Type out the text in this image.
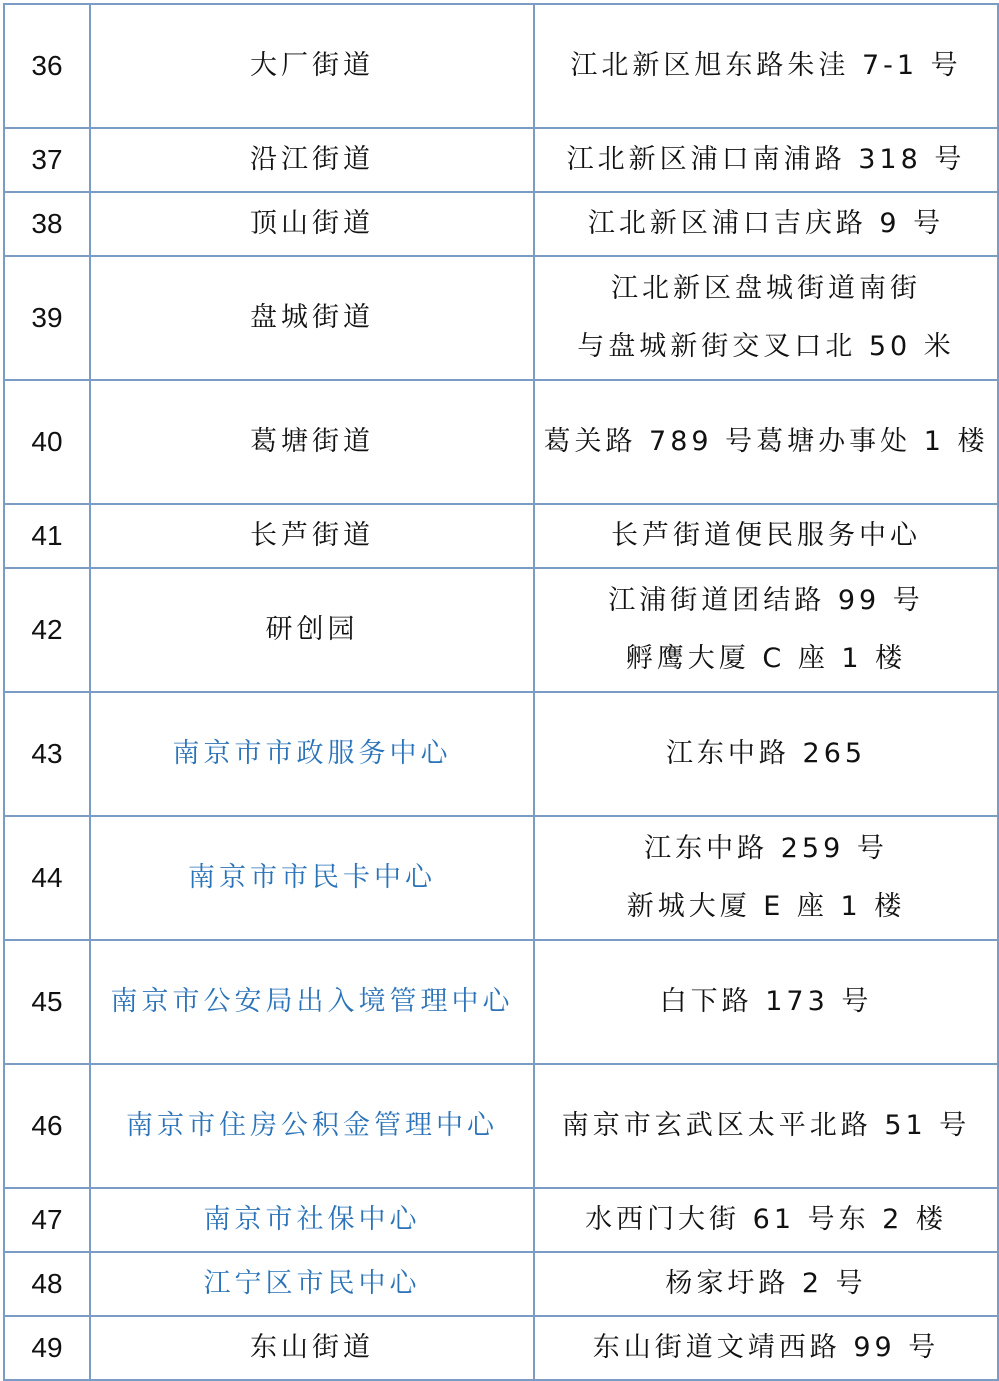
36	大厂街道	江北新区旭东路朱洼 7-1 号

37	沿江街道	江北新区浦口南浦路 318 号

38	顶山街道	江北新区浦口吉庆路 9 号

39	盘城街道	江北新区盘城街道南街
与盘城新街交叉口北 50 米

40	葛塘街道	葛关路 789 号葛塘办事处 1 楼

41	长芦街道	长芦街道便民服务中心

42	研创园	江浦街道团结路 99 号
孵鹰大厦 C 座 1 楼

43	南京市市政服务中心	江东中路 265

44	南京市市民卡中心	江东中路 259 号
新城大厦 E 座 1 楼

45	南京市公安局出入境管理中心	白下路 173 号

46	南京市住房公积金管理中心	南京市玄武区太平北路 51 号

47	南京市社保中心	水西门大街 61 号东 2 楼

48	江宁区市民中心	杨家圩路 2 号

49	东山街道	东山街道文靖西路 99 号
